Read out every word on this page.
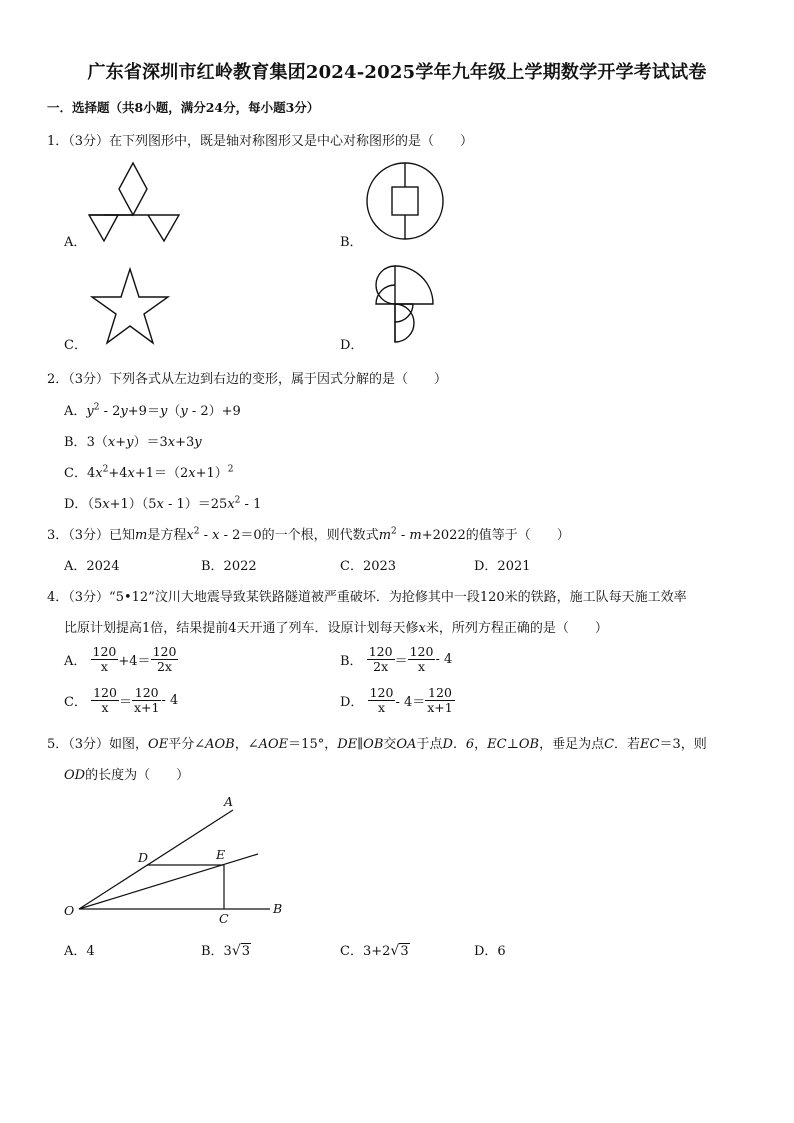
广东省深圳市红岭教育集团2024-2025学年九年级上学期数学开学考试试卷
一．选择题（共8小题，满分24分，每小题3分）
1．（3分）在下列图形中，既是轴对称图形又是中心对称图形的是（　　）
A．	B．
C．	D．
2．（3分）下列各式从左边到右边的变形，属于因式分解的是（　　）
A．$y^2 - 2y+9=y(y - 2)+9$
B．3（x+y）＝3x+3y
C．$4x^2+4x+1=(2x+1)^2$
D．$(5x+1)(5x - 1)=25x^2 - 1$
3．（3分）已知m是方程$x^2 - x - 2=0$的一个根，则代数式$m^2 - m+2022$的值等于（　　）
A．2024	B．2022	C．2023	D．2021
4．（3分）“5•12”汶川大地震导致某铁路隧道被严重破坏．为抢修其中一段120米的铁路，施工队每天施工效率
比原计划提高1倍，结果提前4天开通了列车．设原计划每天修x米，所列方程正确的是（　　）
A． $\frac{120}{x} +4= \frac{120}{2x}$	B． $\frac{120}{2x} = \frac{120}{x} - 4$
C． $\frac{120}{x} = \frac{120}{x+1} - 4$	D． $\frac{120}{x} - 4= \frac{120}{x+1}$
5．（3分）如图，OE平分∠AOB，∠AOE＝15°，DE∥OB交OA于点D．6，EC⊥OB，垂足为点C．若EC＝3，则
OD的长度为（　　）
A
D	E
O
C
B
A．4	B．3√3	C．3+2√3	D．6
